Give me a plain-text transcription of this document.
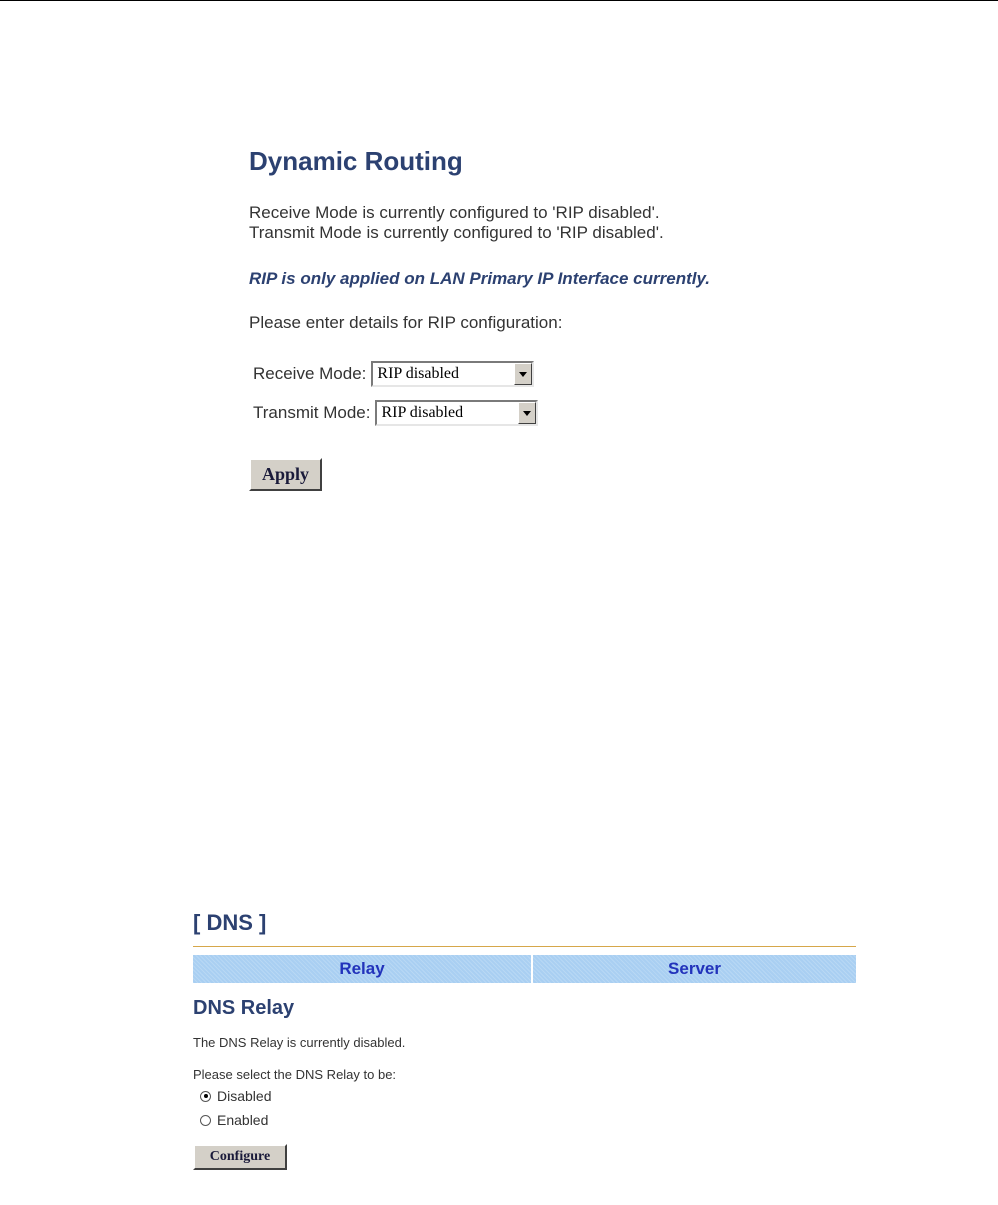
Dynamic Routing
Receive Mode is currently configured to 'RIP disabled'.
Transmit Mode is currently configured to 'RIP disabled'.
RIP is only applied on LAN Primary IP Interface currently.
Please enter details for RIP configuration:
Receive Mode: RIP disabled
Transmit Mode: RIP disabled
Apply
[ DNS ]
Relay	Server
DNS Relay
The DNS Relay is currently disabled.
Please select the DNS Relay to be:
Disabled
Enabled
Configure
